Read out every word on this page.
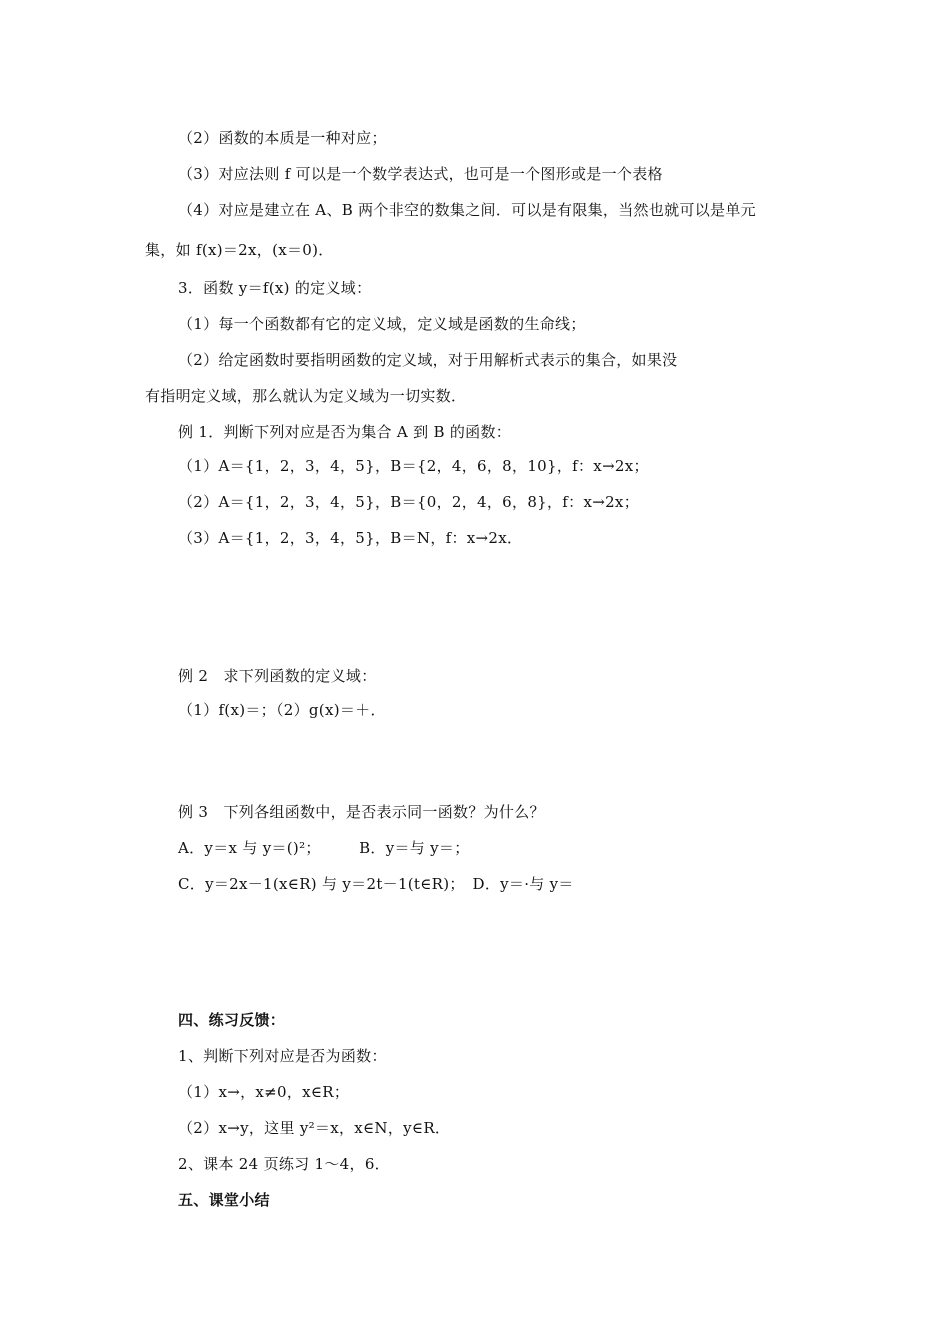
（2）函数的本质是一种对应；
（3）对应法则 f 可以是一个数学表达式，也可是一个图形或是一个表格
（4）对应是建立在 A、B 两个非空的数集之间．可以是有限集，当然也就可以是单元
集，如 f(x)＝2x，(x＝0)．
3．函数 y＝f(x) 的定义域：
（1）每一个函数都有它的定义域，定义域是函数的生命线；
（2）给定函数时要指明函数的定义域，对于用解析式表示的集合，如果没
有指明定义域，那么就认为定义域为一切实数．
例 1．判断下列对应是否为集合 A 到 B 的函数：
（1）A＝{1，2，3，4，5}，B＝{2，4，6，8，10}，f：x→2x；
（2）A＝{1，2，3，4，5}，B＝{0，2，4，6，8}，f：x→2x；
（3）A＝{1，2，3，4，5}，B＝N，f：x→2x．
例 2　求下列函数的定义域：
（1）f(x)＝；（2）g(x)＝＋．
例 3　下列各组函数中，是否表示同一函数？为什么？
A．y＝x 与 y＝()²；　　　B．y＝与 y＝；
C．y＝2x－1(x∈R) 与 y＝2t－1(t∈R)；　D．y＝·与 y＝
四、练习反馈：
1、判断下列对应是否为函数：
（1）x→，x≠0，x∈R；
（2）x→y，这里 y²＝x，x∈N，y∈R．
2、课本 24 页练习 1～4，6．
五、课堂小结
